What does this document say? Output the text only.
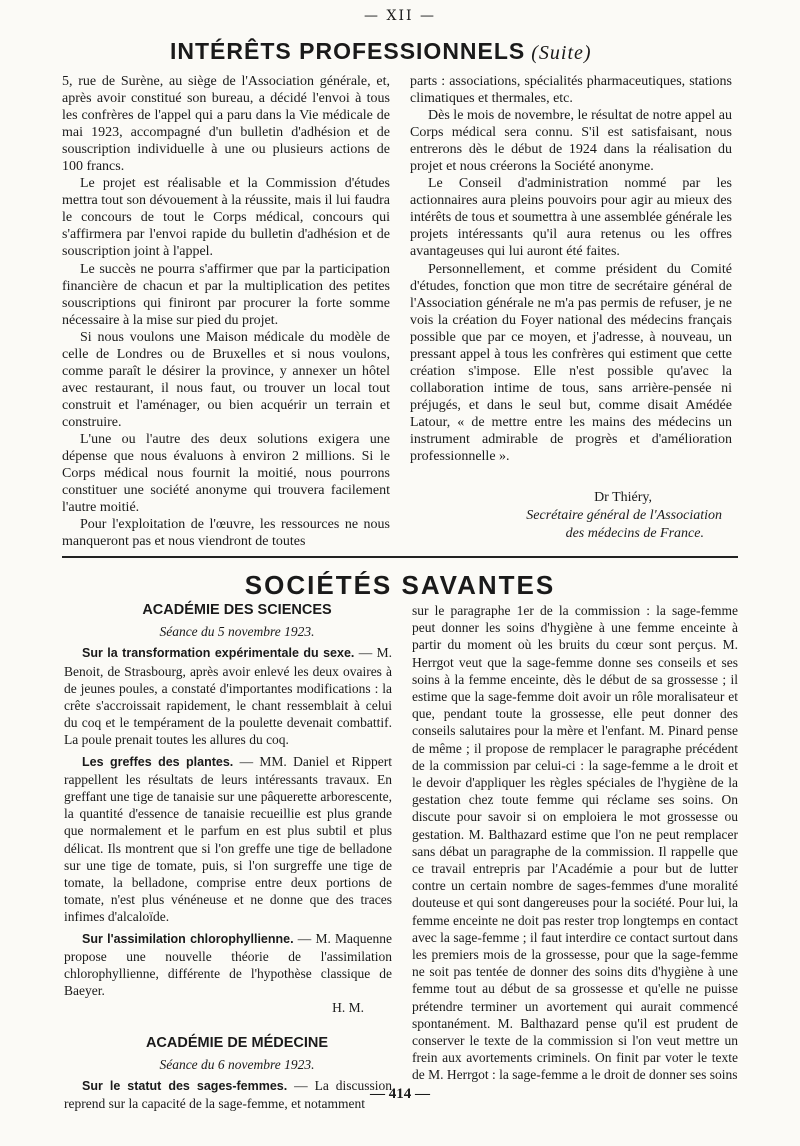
— XII —
INTÉRÊTS PROFESSIONNELS (Suite)

5, rue de Surène, au siège de l'Association générale, et, après avoir constitué son bureau, a décidé l'envoi à tous les confrères de l'appel qui a paru dans la Vie médicale de mai 1923, accompagné d'un bulletin d'adhésion et de souscription individuelle à une ou plusieurs actions de 100 francs.

Le projet est réalisable et la Commission d'études mettra tout son dévouement à la réussite, mais il lui faudra le concours de tout le Corps médical, concours qui s'affirmera par l'envoi rapide du bulletin d'adhésion et de souscription joint à l'appel.

Le succès ne pourra s'affirmer que par la participation financière de chacun et par la multiplication des petites souscriptions qui finiront par procurer la forte somme nécessaire à la mise sur pied du projet.

Si nous voulons une Maison médicale du modèle de celle de Londres ou de Bruxelles et si nous voulons, comme paraît le désirer la province, y annexer un hôtel avec restaurant, il nous faut, ou trouver un local tout construit et l'aménager, ou bien acquérir un terrain et construire.

L'une ou l'autre des deux solutions exigera une dépense que nous évaluons à environ 2 millions. Si le Corps médical nous fournit la moitié, nous pourrons constituer une société anonyme qui trouvera facilement l'autre moitié.

Pour l'exploitation de l'œuvre, les ressources ne nous manqueront pas et nous viendront de toutes

parts : associations, spécialités pharmaceutiques, stations climatiques et thermales, etc.

Dès le mois de novembre, le résultat de notre appel au Corps médical sera connu. S'il est satisfaisant, nous entrerons dès le début de 1924 dans la réalisation du projet et nous créerons la Société anonyme.

Le Conseil d'administration nommé par les actionnaires aura pleins pouvoirs pour agir au mieux des intérêts de tous et soumettra à une assemblée générale les projets intéressants qu'il aura retenus ou les offres avantageuses qui lui auront été faites.

Personnellement, et comme président du Comité d'études, fonction que mon titre de secrétaire général de l'Association générale ne m'a pas permis de refuser, je ne vois la création du Foyer national des médecins français possible que par ce moyen, et j'adresse, à nouveau, un pressant appel à tous les confrères qui estiment que cette création s'impose. Elle n'est possible qu'avec la collaboration intime de tous, sans arrière-pensée ni préjugés, et dans le seul but, comme disait Amédée Latour, « de mettre entre les mains des médecins un instrument admirable de progrès et d'amélioration professionnelle ».

Dr Thiéry,
Secrétaire général de l'Association
des médecins de France.
SOCIÉTÉS SAVANTES

ACADÉMIE DES SCIENCES

Séance du 5 novembre 1923.

Sur la transformation expérimentale du sexe. — M. Benoit, de Strasbourg, après avoir enlevé les deux ovaires à de jeunes poules, a constaté d'importantes modifications : la crête s'accroissait rapidement, le chant ressemblait à celui du coq et le tempérament de la poulette devenait combattif. La poule prenait toutes les allures du coq.

Les greffes des plantes. — MM. Daniel et Rippert rappellent les résultats de leurs intéressants travaux. En greffant une tige de tanaisie sur une pâquerette arborescente, la quantité d'essence de tanaisie recueillie est plus grande que normalement et le parfum en est plus subtil et plus délicat. Ils montrent que si l'on greffe une tige de belladone sur une tige de tomate, puis, si l'on surgreffe une tige de tomate, la belladone, comprise entre deux portions de tomate, n'est plus vénéneuse et ne donne que des traces infimes d'alcaloïde.

Sur l'assimilation chlorophyllienne. — M. Maquenne propose une nouvelle théorie de l'assimilation chlorophyllienne, différente de l'hypothèse classique de Baeyer.

H. M.

ACADÉMIE DE MÉDECINE

Séance du 6 novembre 1923.

Sur le statut des sages-femmes. — La discussion reprend sur la capacité de la sage-femme, et notamment

sur le paragraphe 1er de la commission : la sage-femme peut donner les soins d'hygiène à une femme enceinte à partir du moment où les bruits du cœur sont perçus. M. Herrgot veut que la sage-femme donne ses conseils et ses soins à la femme enceinte, dès le début de sa grossesse ; il estime que la sage-femme doit avoir un rôle moralisateur et que, pendant toute la grossesse, elle peut donner des conseils salutaires pour la mère et l'enfant. M. Pinard pense de même ; il propose de remplacer le paragraphe précédent de la commission par celui-ci : la sage-femme a le droit et le devoir d'appliquer les règles spéciales de l'hygiène de la gestation chez toute femme qui réclame ses soins. On discute pour savoir si on emploiera le mot grossesse ou gestation. M. Balthazard estime que l'on ne peut remplacer sans débat un paragraphe de la commission. Il rappelle que ce travail entrepris par l'Académie a pour but de lutter contre un certain nombre de sages-femmes d'une moralité douteuse et qui sont dangereuses pour la société. Pour lui, la femme enceinte ne doit pas rester trop longtemps en contact avec la sage-femme ; il faut interdire ce contact surtout dans les premiers mois de la grossesse, pour que la sage-femme ne soit pas tentée de donner des soins dits d'hygiène à une femme tout au début de sa grossesse et qu'elle ne puisse prétendre terminer un avortement qui aurait commencé spontanément. M. Balthazard pense qu'il est prudent de conserver le texte de la commission si l'on veut mettre un frein aux avortements criminels. On finit par voter le texte de M. Herrgot : la sage-femme a le droit de donner ses soins

— 414 —
